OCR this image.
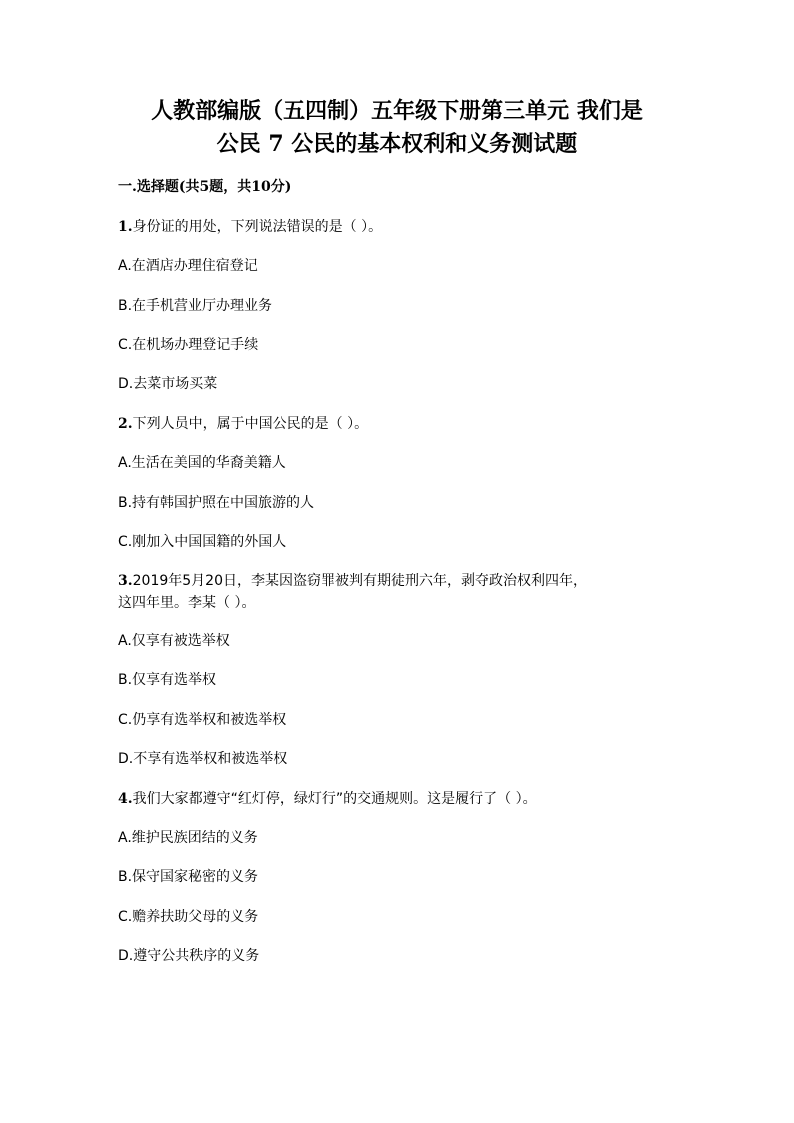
人教部编版（五四制）五年级下册第三单元 我们是
公民 7 公民的基本权利和义务测试题
一.选择题(共5题，共10分)
1.身份证的用处，下列说法错误的是（ ）。
A.在酒店办理住宿登记
B.在手机营业厅办理业务
C.在机场办理登记手续
D.去菜市场买菜
2.下列人员中，属于中国公民的是（ ）。
A.生活在美国的华裔美籍人
B.持有韩国护照在中国旅游的人
C.刚加入中国国籍的外国人
3.2019年5月20日，李某因盗窃罪被判有期徒刑六年，剥夺政治权利四年，
这四年里。李某（ ）。
A.仅享有被选举权
B.仅享有选举权
C.仍享有选举权和被选举权
D.不享有选举权和被选举权
4.我们大家都遵守“红灯停，绿灯行”的交通规则。这是履行了（ ）。
A.维护民族团结的义务
B.保守国家秘密的义务
C.赡养扶助父母的义务
D.遵守公共秩序的义务
